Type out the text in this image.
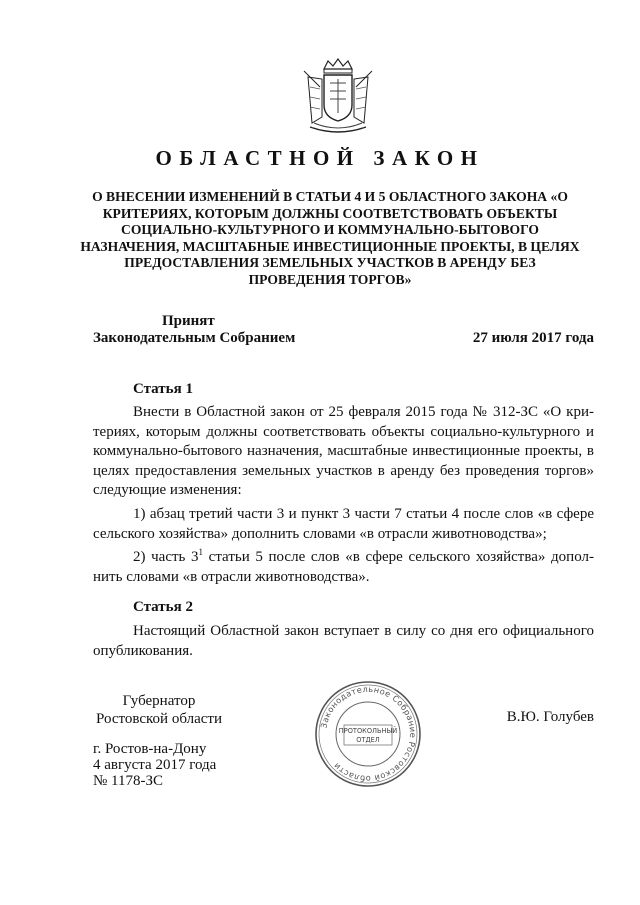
ОБЛАСТНОЙ ЗАКОН
О ВНЕСЕНИИ ИЗМЕНЕНИЙ В СТАТЬИ 4 И 5 ОБЛАСТНОГО ЗАКОНА «О КРИТЕРИЯХ, КОТОРЫМ ДОЛЖНЫ СООТВЕТСТВОВАТЬ ОБЪЕКТЫ СОЦИАЛЬНО-КУЛЬТУРНОГО И КОММУНАЛЬНО-БЫТОВОГО НАЗНАЧЕНИЯ, МАСШТАБНЫЕ ИНВЕСТИЦИОННЫЕ ПРОЕКТЫ, В ЦЕЛЯХ ПРЕДОСТАВЛЕНИЯ ЗЕМЕЛЬНЫХ УЧАСТКОВ В АРЕНДУ БЕЗ ПРОВЕДЕНИЯ ТОРГОВ»
Принят
Законодательным Собранием	27 июля 2017 года
Статья 1
Внести в Областной закон от 25 февраля 2015 года № 312-ЗС «О кри-териях, которым должны соответствовать объекты социально-культурного и коммунально-бытового назначения, масштабные инвестиционные проекты, в целях предоставления земельных участков в аренду без проведения торгов» следующие изменения:
1) абзац третий части 3 и пункт 3 части 7 статьи 4 после слов «в сфере сельского хозяйства» дополнить словами «в отрасли животноводства»;
2) часть $3^1$ статьи 5 после слов «в сфере сельского хозяйства» допол-нить словами «в отрасли животноводства».
Статья 2
Настоящий Областной закон вступает в силу со дня его официального опубликования.
Губернатор
Ростовской области	В.Ю. Голубев
Законодательное Собрание Ростовской области
ПРОТОКОЛЬНЫЙ
ОТДЕЛ
г. Ростов-на-Дону
4 августа 2017 года
№ 1178-ЗС
